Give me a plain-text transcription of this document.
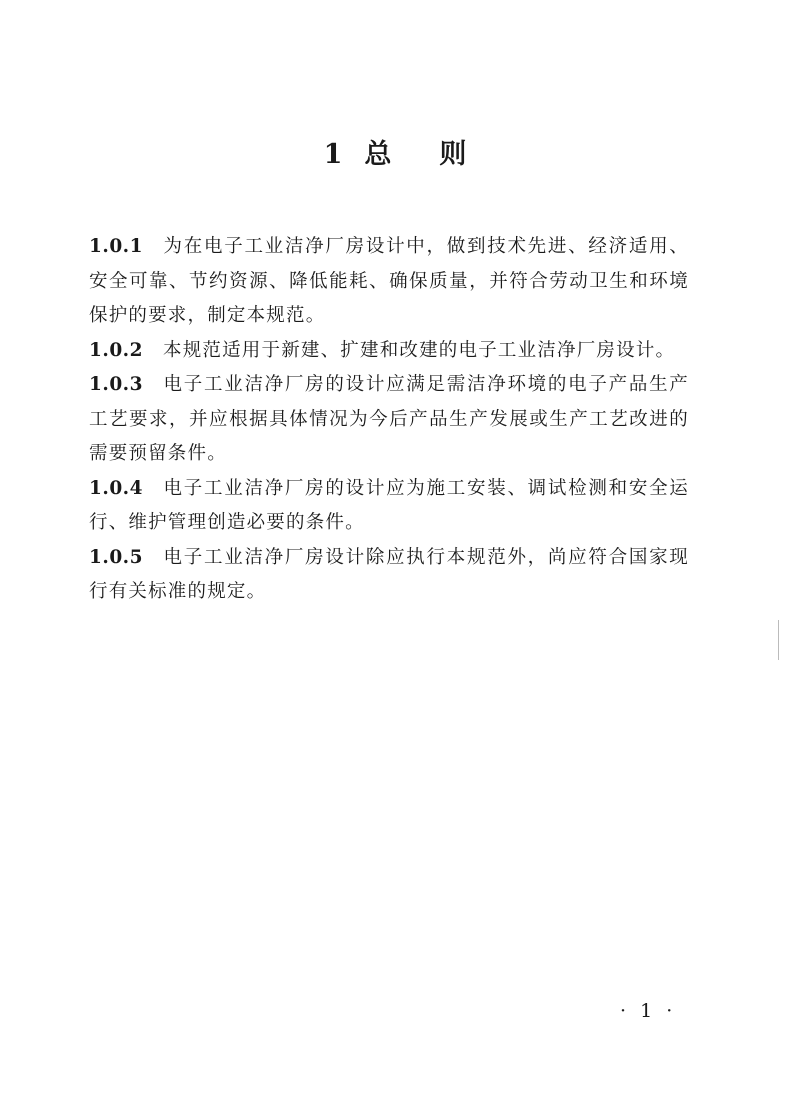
1 总 则

1.0.1 为在电子工业洁净厂房设计中，做到技术先进、经济适用、安全可靠、节约资源、降低能耗、确保质量，并符合劳动卫生和环境保护的要求，制定本规范。

1.0.2 本规范适用于新建、扩建和改建的电子工业洁净厂房设计。

1.0.3 电子工业洁净厂房的设计应满足需洁净环境的电子产品生产工艺要求，并应根据具体情况为今后产品生产发展或生产工艺改进的需要预留条件。

1.0.4 电子工业洁净厂房的设计应为施工安装、调试检测和安全运行、维护管理创造必要的条件。

1.0.5 电子工业洁净厂房设计除应执行本规范外，尚应符合国家现行有关标准的规定。

· 1 ·
